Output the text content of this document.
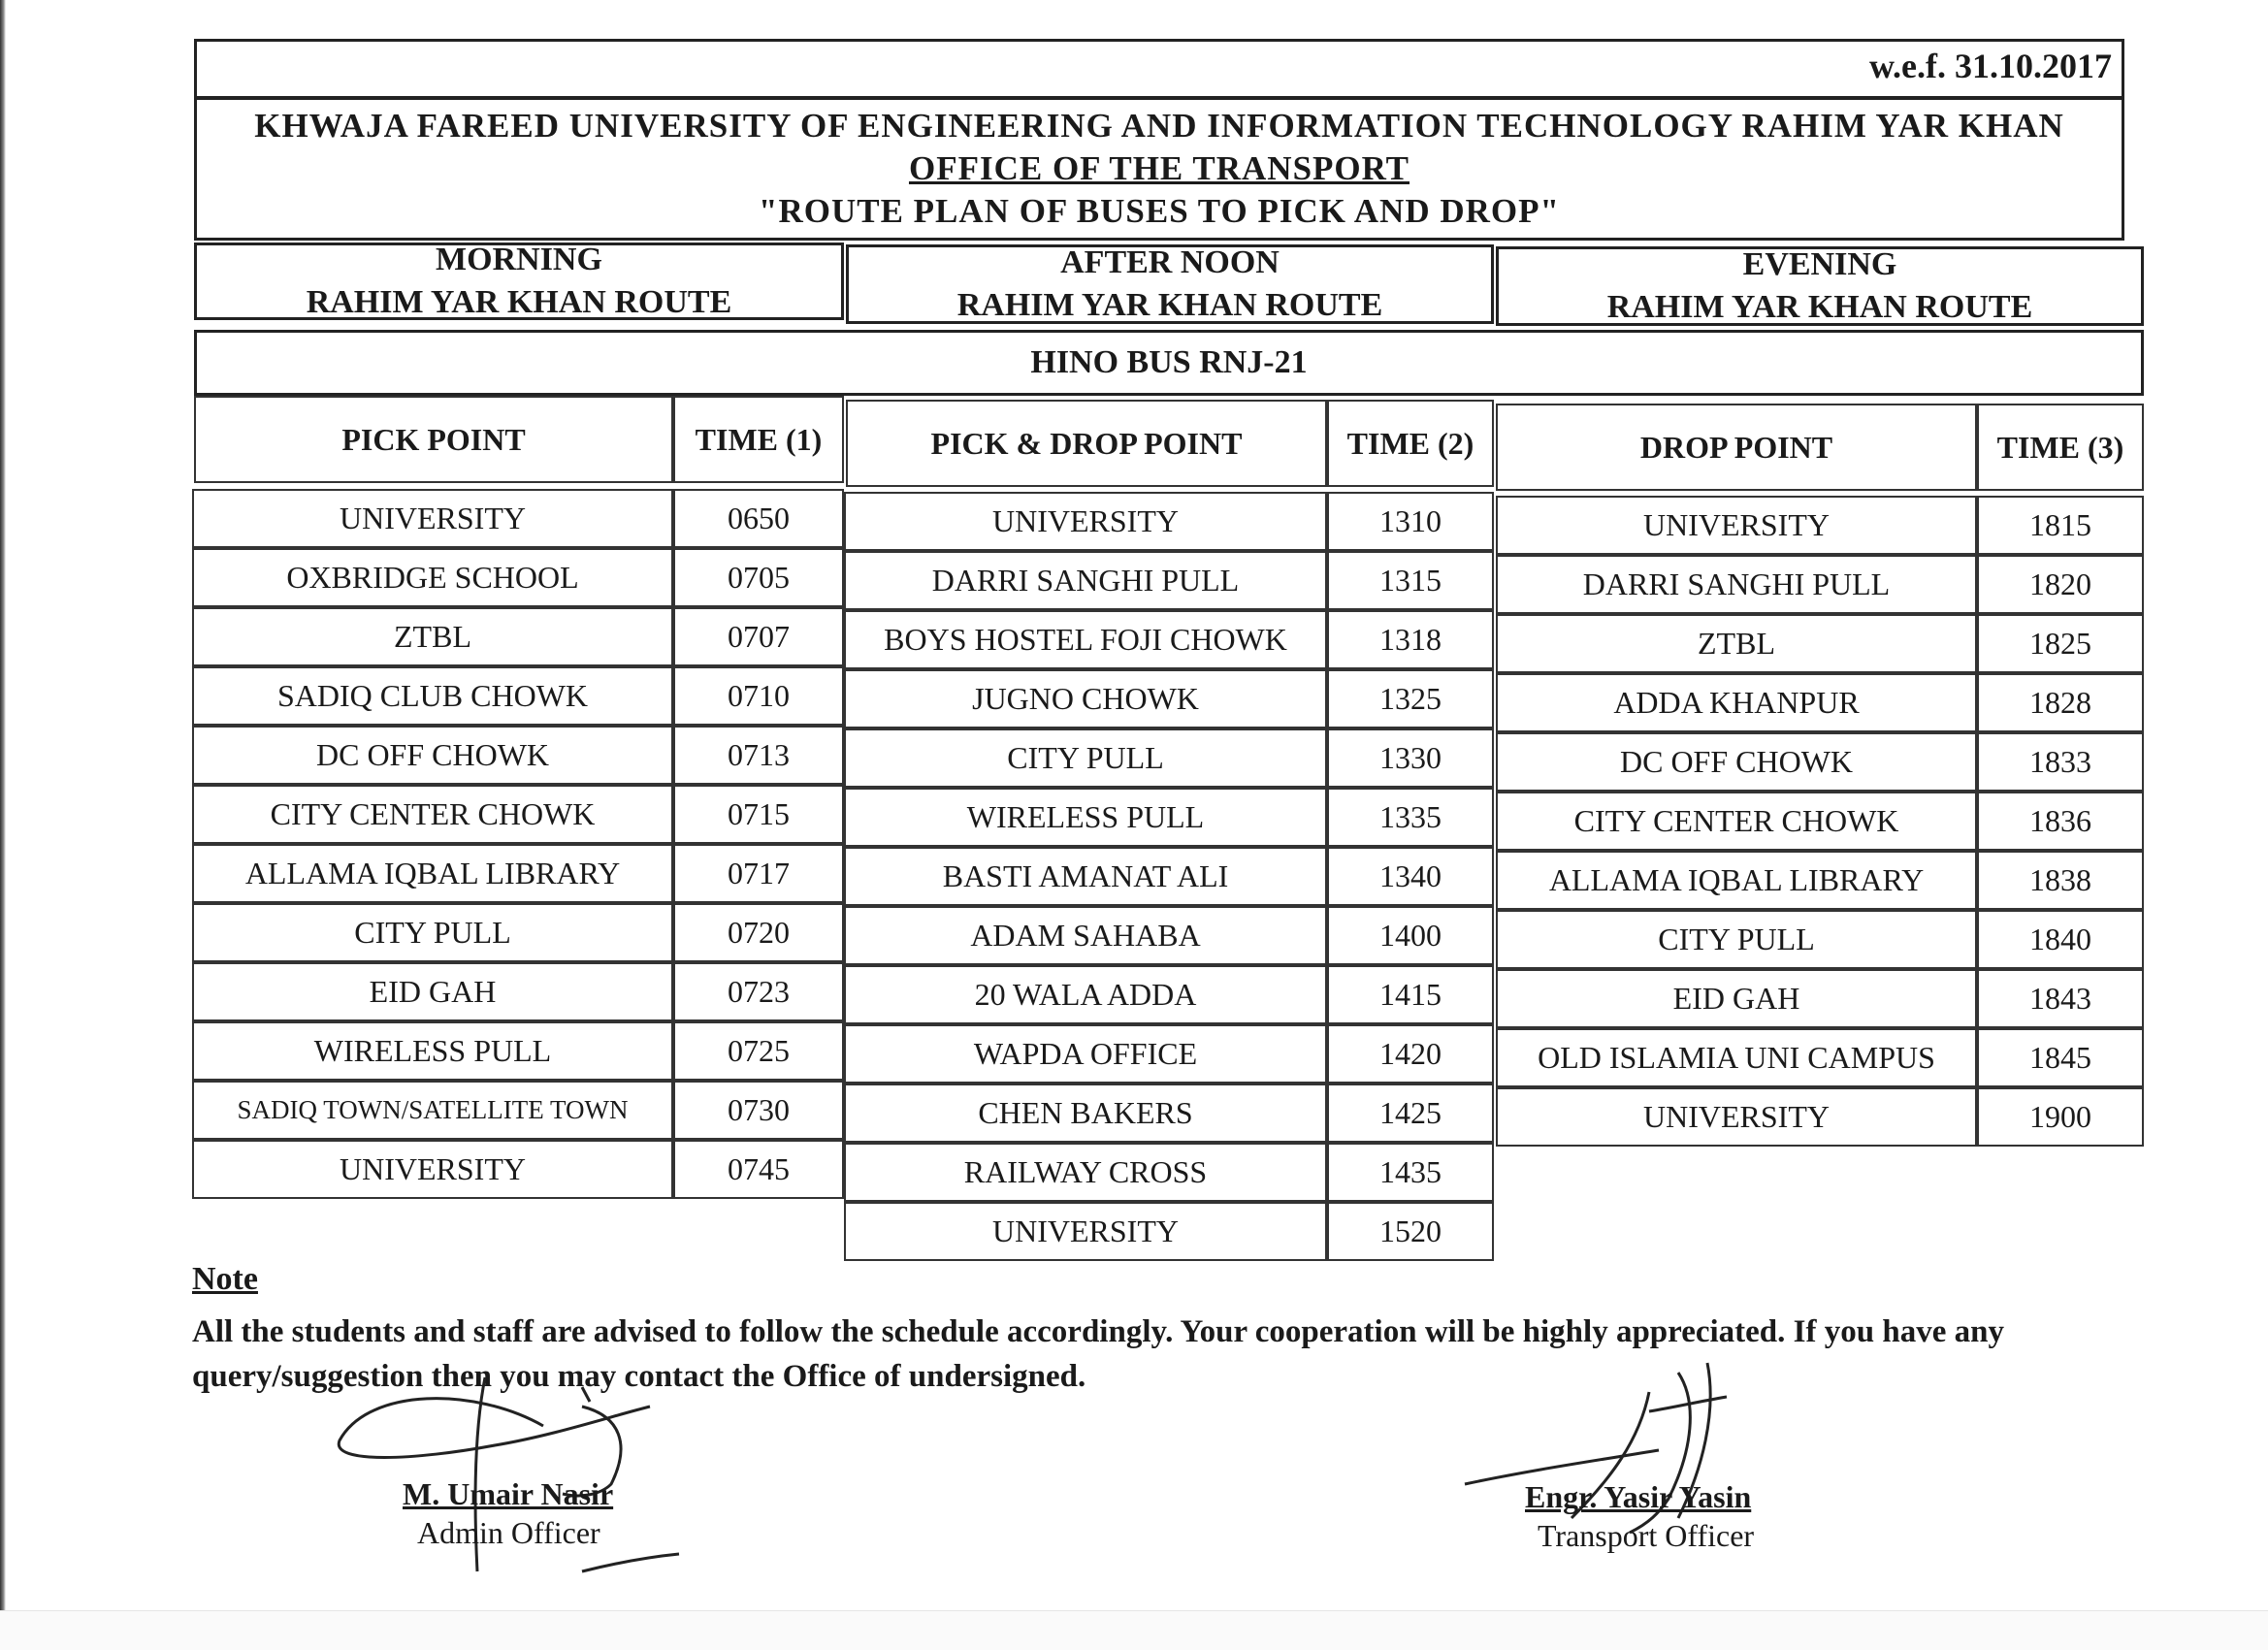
w.e.f. 31.10.2017
KHWAJA FAREED UNIVERSITY OF ENGINEERING AND INFORMATION TECHNOLOGY RAHIM YAR KHAN
OFFICE OF THE TRANSPORT
"ROUTE PLAN OF BUSES TO PICK AND DROP"
MORNING
RAHIM YAR KHAN ROUTE
AFTER NOON
RAHIM YAR KHAN ROUTE
EVENING
RAHIM YAR KHAN ROUTE
HINO BUS RNJ-21
PICK POINT	TIME (1)	PICK & DROP POINT	TIME (2)	DROP POINT	TIME (3)
UNIVERSITY	0650
OXBRIDGE SCHOOL	0705
ZTBL	0707
SADIQ CLUB CHOWK	0710
DC OFF CHOWK	0713
CITY CENTER CHOWK	0715
ALLAMA IQBAL LIBRARY	0717
CITY PULL	0720
EID GAH	0723
WIRELESS PULL	0725
SADIQ TOWN/SATELLITE TOWN	0730
UNIVERSITY	0745
UNIVERSITY	1310
DARRI SANGHI PULL	1315
BOYS HOSTEL FOJI CHOWK	1318
JUGNO CHOWK	1325
CITY PULL	1330
WIRELESS PULL	1335
BASTI AMANAT ALI	1340
ADAM SAHABA	1400
20 WALA ADDA	1415
WAPDA OFFICE	1420
CHEN BAKERS	1425
RAILWAY CROSS	1435
UNIVERSITY	1520
UNIVERSITY	1815
DARRI SANGHI PULL	1820
ZTBL	1825
ADDA KHANPUR	1828
DC OFF CHOWK	1833
CITY CENTER CHOWK	1836
ALLAMA IQBAL LIBRARY	1838
CITY PULL	1840
EID GAH	1843
OLD ISLAMIA UNI CAMPUS	1845
UNIVERSITY	1900
Note
All the students and staff are advised to follow the schedule accordingly. Your cooperation will be highly appreciated. If you have any query/suggestion then you may contact the Office of undersigned.
M. Umair Nasir
Admin Officer
Engr. Yasir Yasin
Transport Officer
